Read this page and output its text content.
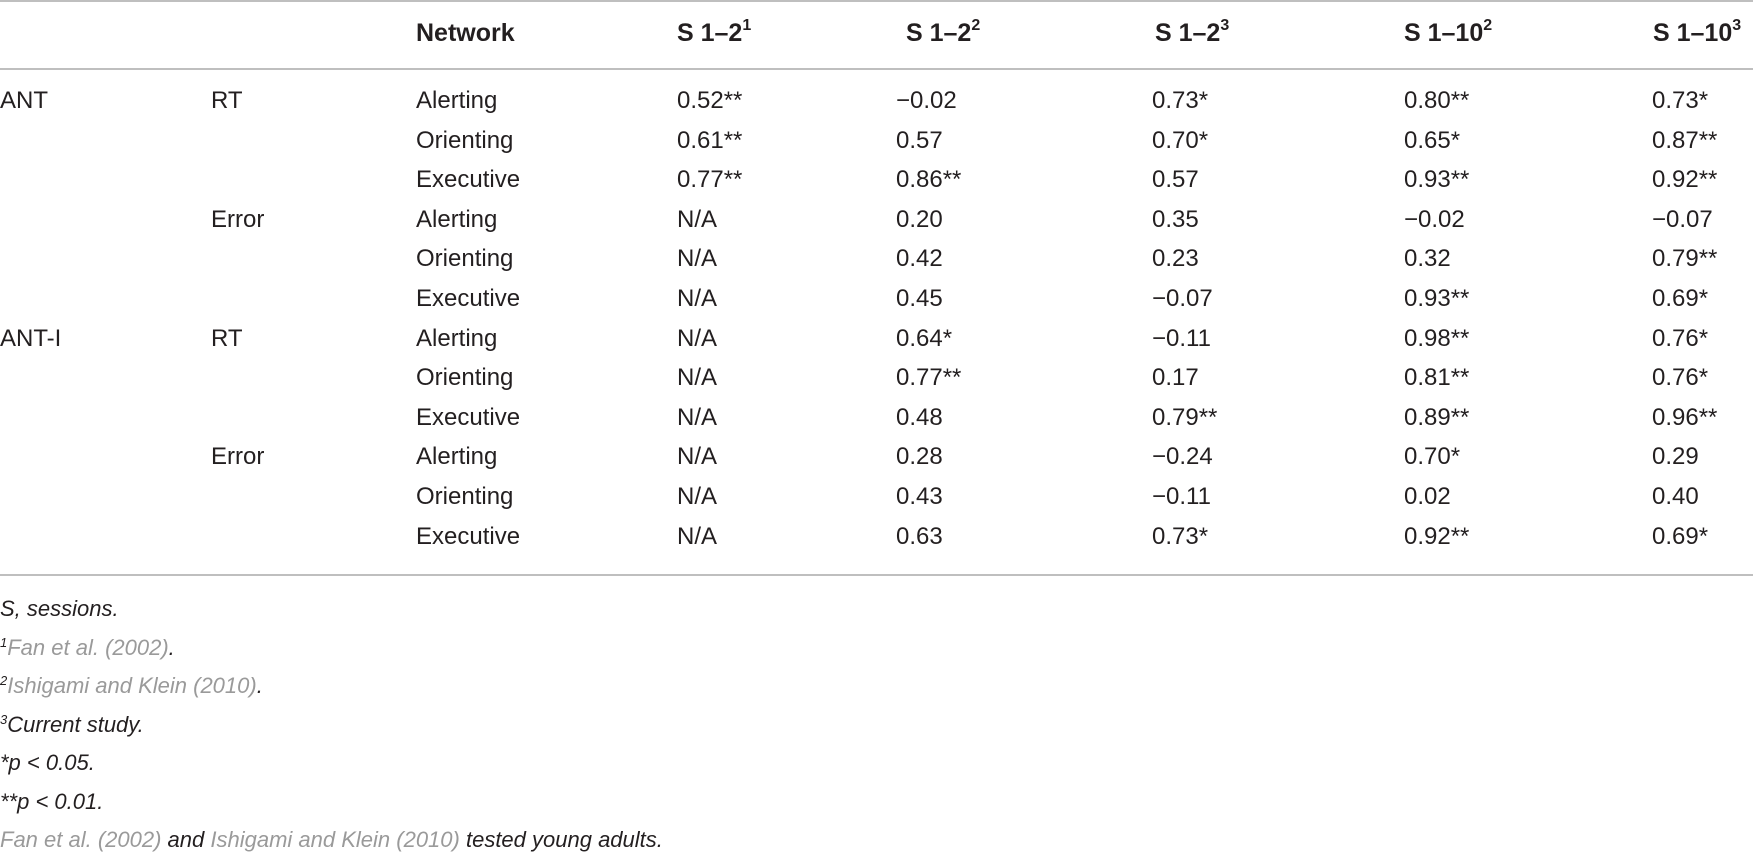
Network	S $1-2^1$	S $1-2^2$	S $1-2^3$	S $1-10^2$	S $1-10^3$
ANT	RT	Alerting	0.52**	−0.02	0.73*	0.80**	0.73*
Orienting	0.61**	0.57	0.70*	0.65*	0.87**
Executive	0.77**	0.86**	0.57	0.93**	0.92**
Error	Alerting	N/A	0.20	0.35	−0.02	−0.07
Orienting	N/A	0.42	0.23	0.32	0.79**
Executive	N/A	0.45	−0.07	0.93**	0.69*
ANT-I	RT	Alerting	N/A	0.64*	−0.11	0.98**	0.76*
Orienting	N/A	0.77**	0.17	0.81**	0.76*
Executive	N/A	0.48	0.79**	0.89**	0.96**
Error	Alerting	N/A	0.28	−0.24	0.70*	0.29
Orienting	N/A	0.43	−0.11	0.02	0.40
Executive	N/A	0.63	0.73*	0.92**	0.69*
S, sessions.
$^1$Fan et al. (2002).
$^2$Ishigami and Klein (2010).
$^3$Current study.
*p < 0.05.
**p < 0.01.
Fan et al. (2002) and Ishigami and Klein (2010) tested young adults.
